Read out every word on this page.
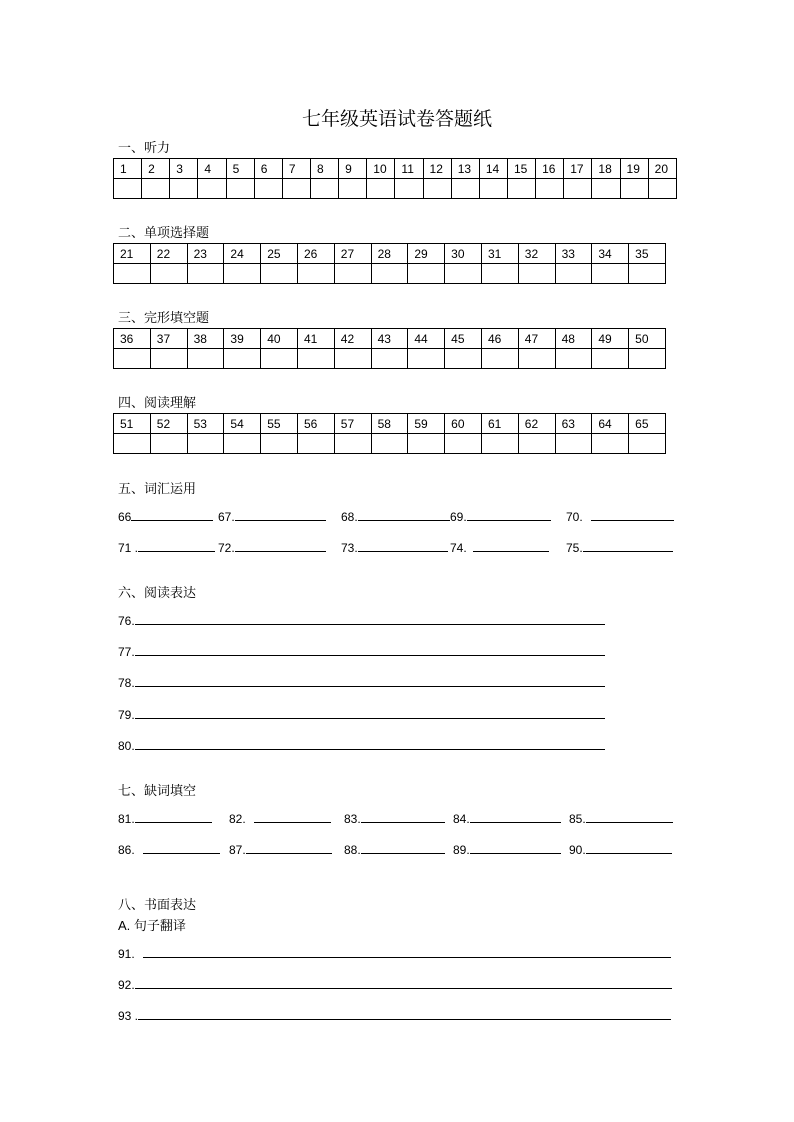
七年级英语试卷答题纸
一、听力
1	2	3	4	5	6	7	8	9	10	11	12	13	14	15	16	17	18	19	20

二、单项选择题
21	22	23	24	25	26	27	28	29	30	31	32	33	34	35

三、完形填空题
36	37	38	39	40	41	42	43	44	45	46	47	48	49	50

四、阅读理解
51	52	53	54	55	56	57	58	59	60	61	62	63	64	65

五、词汇运用
66	67.	68.	69.	70.
71 .	72.	73.	74.	75.
六、阅读表达
76.
77.
78.
79.
80.
七、缺词填空
81.	82.	83.	84.	85.
86.	87.	88.	89.	90.
八、书面表达
A. 句子翻译
91.
92.
93 .
